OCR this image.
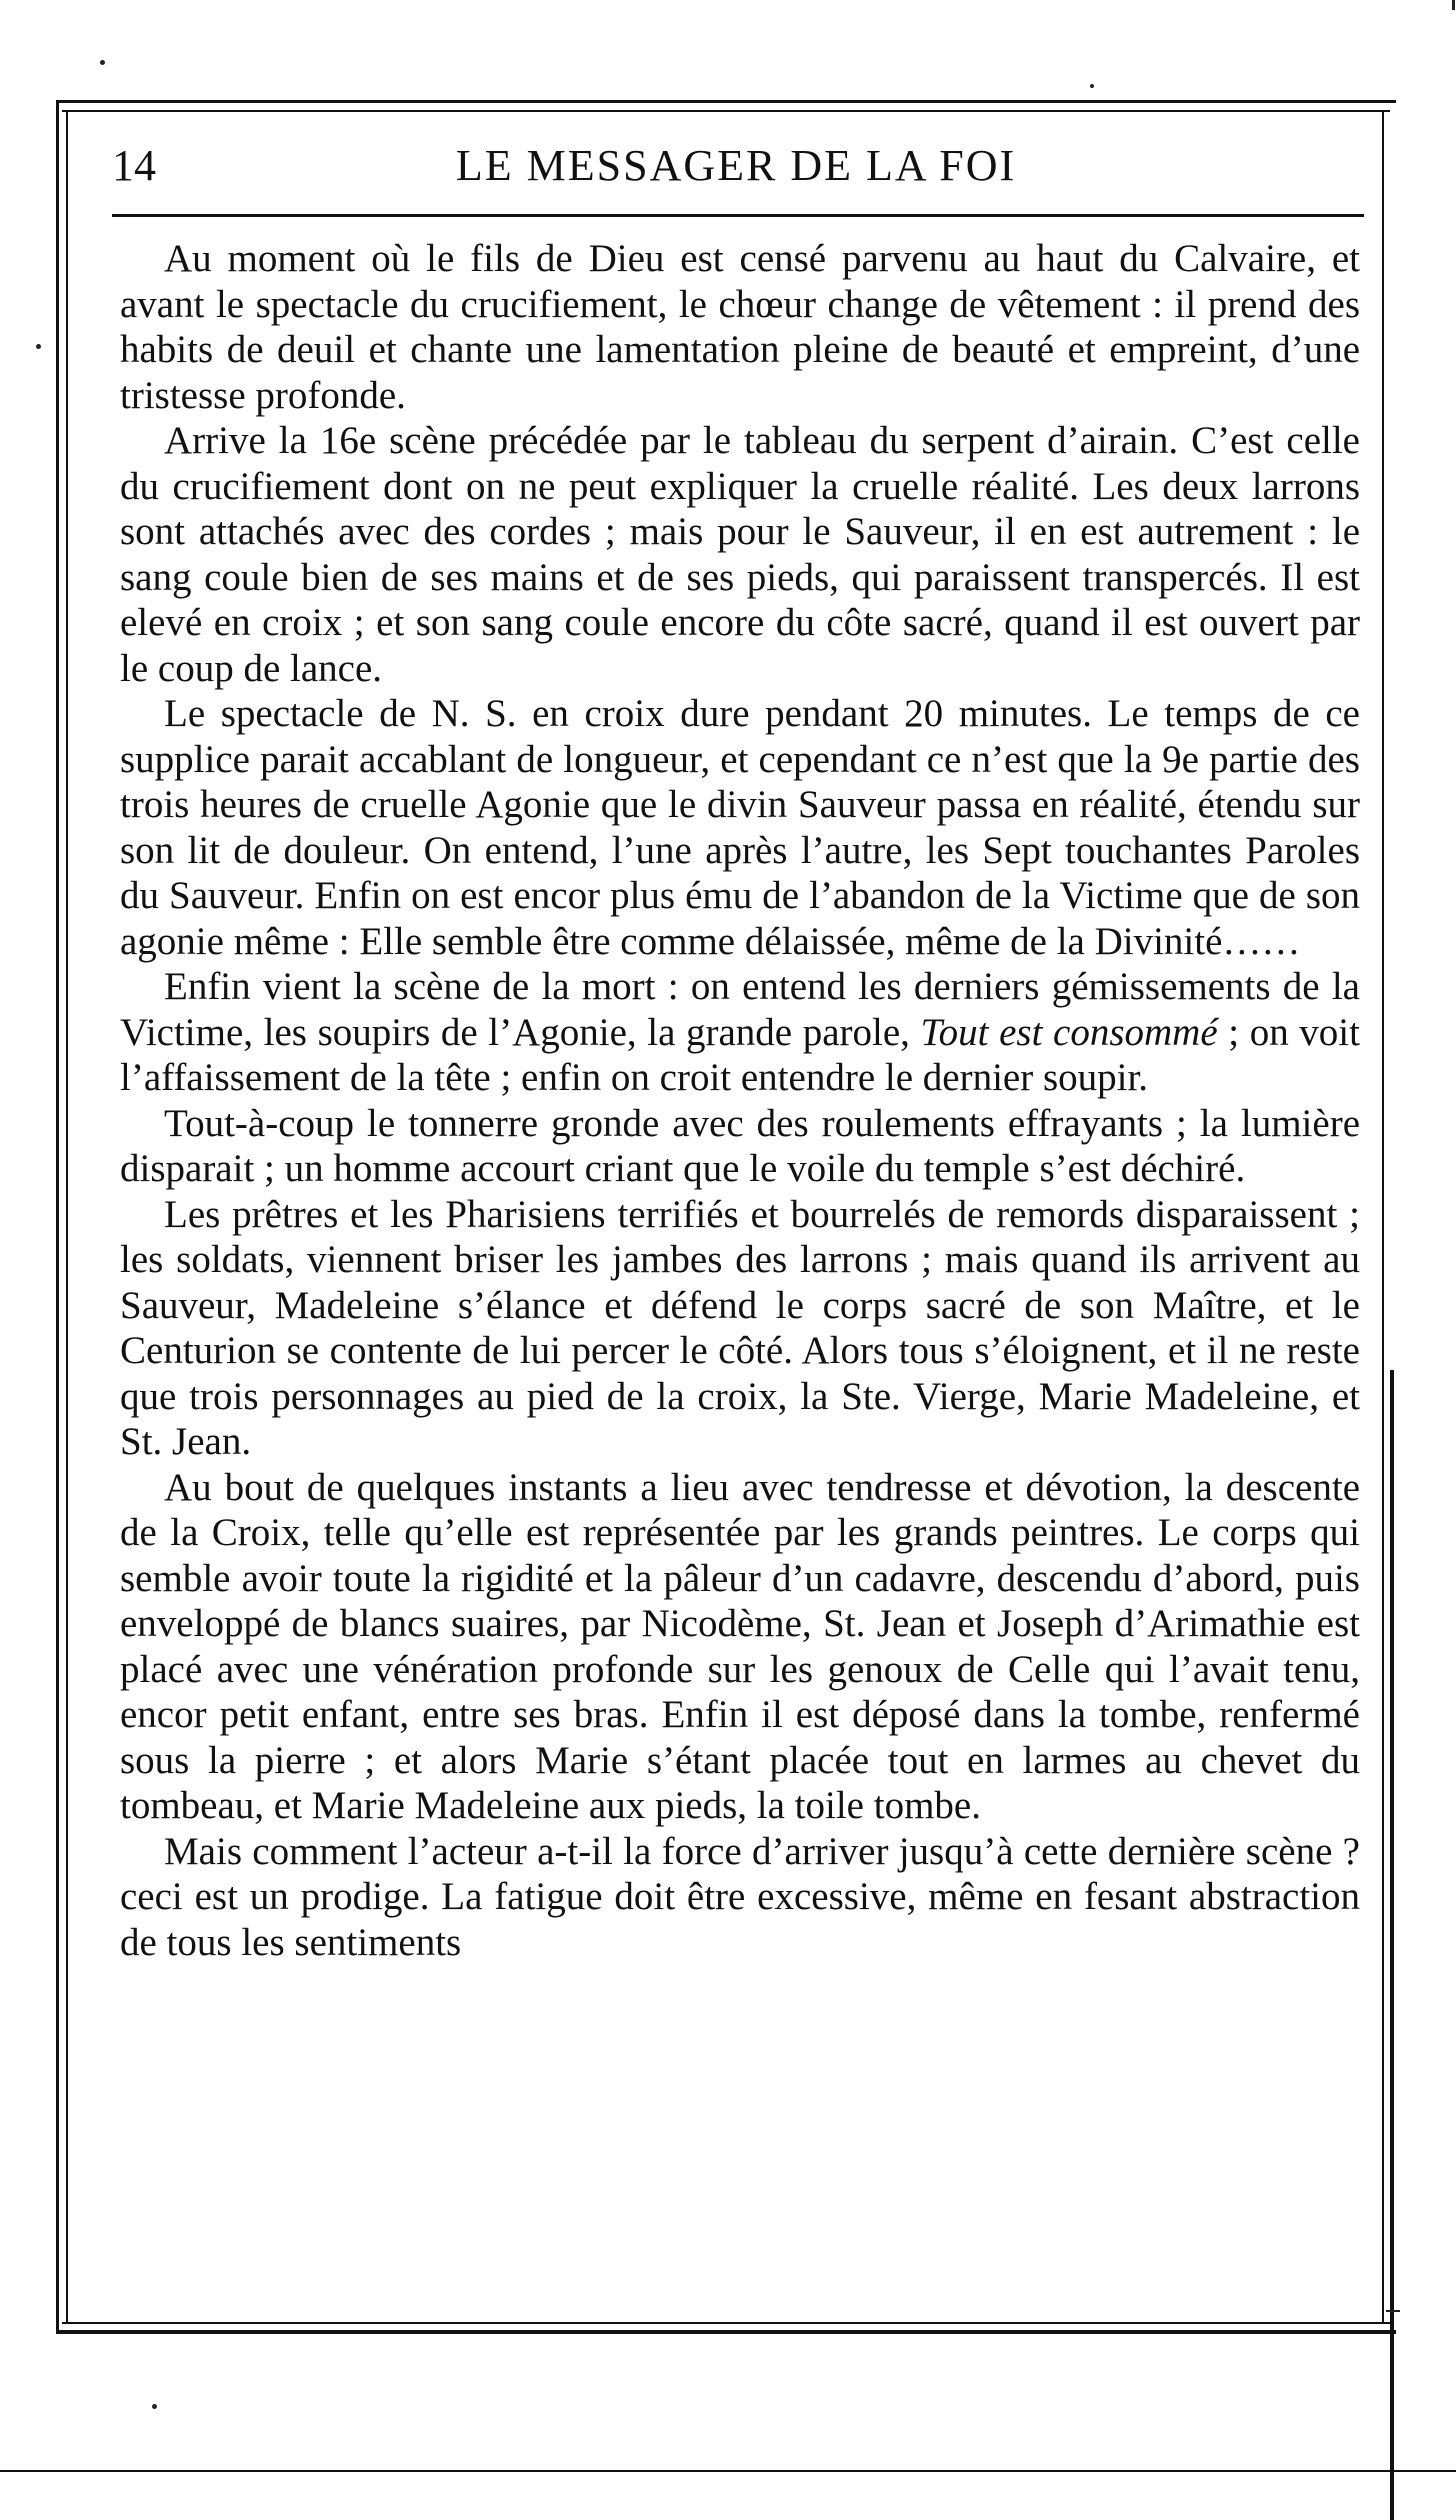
14	LE MESSAGER DE LA FOI

Au moment où le fils de Dieu est censé parvenu au haut du Calvaire, et avant le spectacle du crucifiement, le chœur change de vêtement : il prend des habits de deuil et chante une lamentation pleine de beauté et empreint, d’une tristesse profonde.

Arrive la 16e scène précédée par le tableau du serpent d’airain. C’est celle du crucifiement dont on ne peut expliquer la cruelle réalité. Les deux larrons sont attachés avec des cordes ; mais pour le Sauveur, il en est autrement : le sang coule bien de ses mains et de ses pieds, qui paraissent transpercés. Il est elevé en croix ; et son sang coule encore du côte sacré, quand il est ouvert par le coup de lance.

Le spectacle de N. S. en croix dure pendant 20 minutes. Le temps de ce supplice parait accablant de longueur, et cependant ce n’est que la 9e partie des trois heures de cruelle Agonie que le divin Sauveur passa en réalité, étendu sur son lit de douleur. On entend, l’une après l’autre, les Sept touchantes Paroles du Sauveur. Enfin on est encor plus ému de l’abandon de la Victime que de son agonie même : Elle semble être comme délaissée, même de la Divinité……

Enfin vient la scène de la mort : on entend les derniers gémissements de la Victime, les soupirs de l’Agonie, la grande parole, Tout est consommé ; on voit l’affaissement de la tête ; enfin on croit entendre le dernier soupir.

Tout-à-coup le tonnerre gronde avec des roulements effrayants ; la lumière disparait ; un homme accourt criant que le voile du temple s’est déchiré.

Les prêtres et les Pharisiens terrifiés et bourrelés de remords disparaissent ; les soldats, viennent briser les jambes des larrons ; mais quand ils arrivent au Sauveur, Madeleine s’élance et défend le corps sacré de son Maître, et le Centurion se contente de lui percer le côté. Alors tous s’éloignent, et il ne reste que trois personnages au pied de la croix, la Ste. Vierge, Marie Madeleine, et St. Jean.

Au bout de quelques instants a lieu avec tendresse et dévotion, la descente de la Croix, telle qu’elle est représentée par les grands peintres. Le corps qui semble avoir toute la rigidité et la pâleur d’un cadavre, descendu d’abord, puis enveloppé de blancs suaires, par Nicodème, St. Jean et Joseph d’Arimathie est placé avec une vénération profonde sur les genoux de Celle qui l’avait tenu, encor petit enfant, entre ses bras. Enfin il est déposé dans la tombe, renfermé sous la pierre ; et alors Marie s’étant placée tout en larmes au chevet du tombeau, et Marie Madeleine aux pieds, la toile tombe.

Mais comment l’acteur a-t-il la force d’arriver jusqu’à cette dernière scène ? ceci est un prodige. La fatigue doit être excessive, même en fesant abstraction de tous les sentiments
